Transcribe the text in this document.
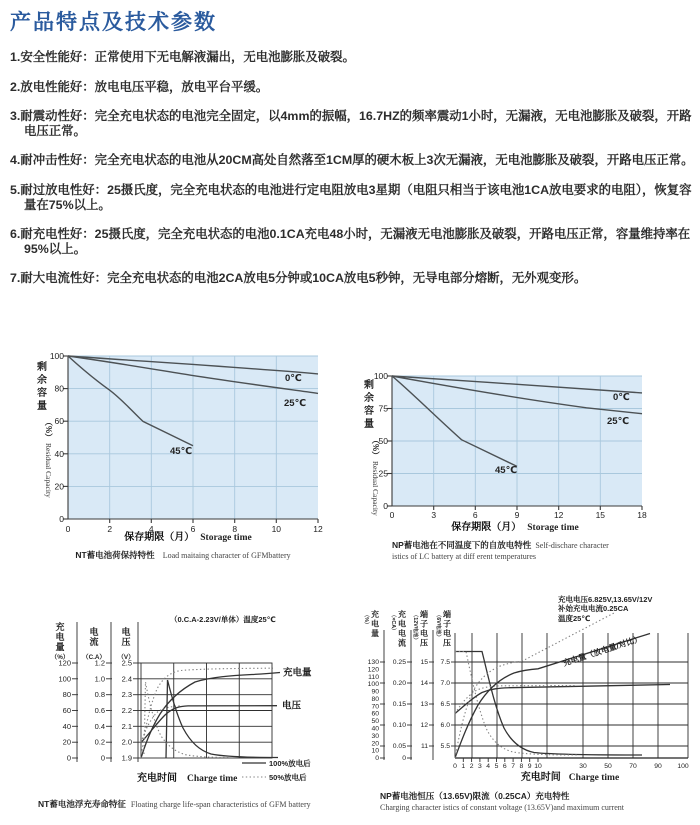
产品特点及技术参数
1.安全性能好：正常使用下无电解液漏出，无电池膨胀及破裂。
2.放电性能好：放电电压平稳，放电平台平缓。
3.耐震动性好：完全充电状态的电池完全固定，以4mm的振幅，16.7HZ的频率震动1小时，无漏液，无电池膨胀及破裂，开路电压正常。
4.耐冲击性好：完全充电状态的电池从20CM高处自然落至1CM厚的硬木板上3次无漏液，无电池膨胀及破裂，开路电压正常。
5.耐过放电性好：25摄氏度，完全充电状态的电池进行定电阻放电3星期（电阻只相当于该电池1CA放电要求的电阻），恢复容量在75%以上。
6.耐充电性好：25摄氏度，完全充电状态的电池0.1CA充电48小时，无漏液无电池膨胀及破裂，开路电压正常，容量维持率在95%以上。
7.耐大电流性好：完全充电状态的电池2CA放电5分钟或10CA放电5秒钟，无导电部分熔断，无外观变形。
0℃
25℃
45℃
100
80
60
40
20
0
0	2	4	6	8	10	12
剩
余
容
量
（%）
Residual Capacity
保存期限（月） Storage time
NT蓄电池荷保持特性 Load maitaing character of GFMbattery
0℃
25℃
45℃
100
75
50
25
0
0	3	6	9	12	15	18
剩
余
容
量
（%）
Residual Capacity
保存期限（月） Storage time
NP蓄电池在不同温度下的自放电特性 Self-dischare character
istics of LC battery at diff erent temperatures
（0.C.A-2.23V/单体）温度25℃
充
电
量
（%）
电
流
（C.A）
电
压
（V）
120
100
80
60
40
20
0
1.2
1.0
0.8
0.6
0.4
0.2
0
2.5
2.4
2.3
2.2
2.1
2.0
1.9
充电量
电压
100%放电后
50%放电后
充电时间 Charge time
NT蓄电池浮充寿命特征 Floating charge life-span characteristics of GFM battery
充电电压6.825V,13.65V/12V
补始充电电流0.25CA
温度25℃
（%） 充
电
量
（×CA） 充
电
电
流
（12V电池） 端
子
电
压
（6V电池） 端
子
电
压
130
120
110
100
90
80
70
60
50
40
30
20
10
0
0.25
0.20
0.15
0.10
0.05
0
15
14
13
12
11
7.5
7.0
6.5
6.0
5.5
充电量（放电量/对比）
0 1 2 3 4 5 6 7 8 9 10	30	50	70	90 100
充电时间 Charge time
NP蓄电池恒压（13.65V)限流（0.25CA）充电特性
Charging character istics of constant voltage (13.65V)and maximum current
